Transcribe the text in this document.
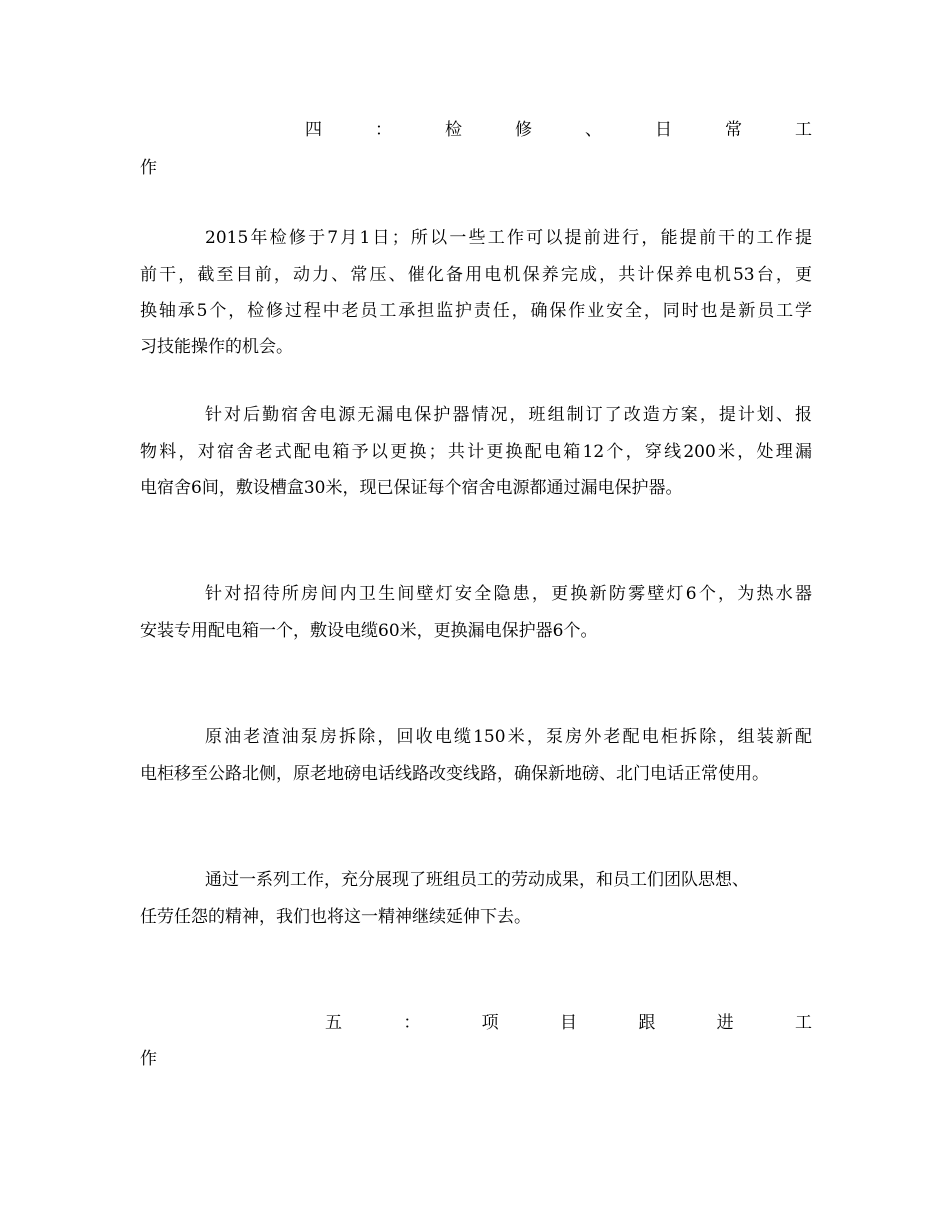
四	：	检	修	、	日	常	工
作
2015年检修于7月1日；所以一些工作可以提前进行，能提前干的工作提
前干，截至目前，动力、常压、催化备用电机保养完成，共计保养电机53台，更
换轴承5个，检修过程中老员工承担监护责任，确保作业安全，同时也是新员工学
习技能操作的机会。
针对后勤宿舍电源无漏电保护器情况，班组制订了改造方案，提计划、报
物料，对宿舍老式配电箱予以更换；共计更换配电箱12个，穿线200米，处理漏
电宿舍6间，敷设槽盒30米，现已保证每个宿舍电源都通过漏电保护器。
针对招待所房间内卫生间壁灯安全隐患，更换新防雾壁灯6个，为热水器
安装专用配电箱一个，敷设电缆60米，更换漏电保护器6个。
原油老渣油泵房拆除，回收电缆150米，泵房外老配电柜拆除，组装新配
电柜移至公路北侧，原老地磅电话线路改变线路，确保新地磅、北门电话正常使用。
通过一系列工作，充分展现了班组员工的劳动成果，和员工们团队思想、
任劳任怨的精神，我们也将这一精神继续延伸下去。
五	：	项	目	跟	进	工
作
